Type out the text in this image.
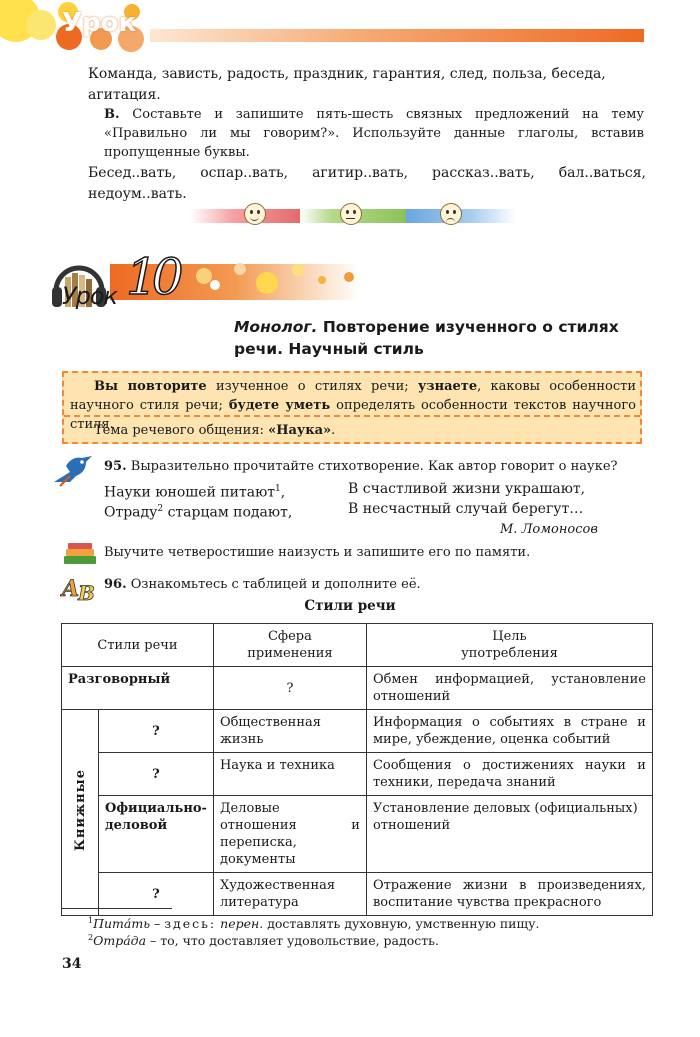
Урок
Команда, зависть, радость, праздник, гарантия, след, польза, беседа, агитация.
В. Составьте и запишите пять-шесть связных предложений на тему «Правильно ли мы говорим?». Используйте данные глаголы, вставив пропущенные буквы.
Бесед..вать, оспар..вать, агитир..вать, рассказ..вать, бал..ваться, недоум..вать.
Урок 10
Монолог. Повторение изученного о стилях речи. Научный стиль
Вы повторите изученное о стилях речи; узнаете, каковы особенности научного стиля речи; будете уметь определять особенности текстов научного стиля.
Тема речевого общения: «Наука».
95. Выразительно прочитайте стихотворение. Как автор говорит о науке?
Науки юношей питают$^1$,	В счастливой жизни украшают,
Отраду$^2$ старцам подают,	В несчастный случай берегут…
М. Ломоносов
Выучите четверостишие наизусть и запишите его по памяти.
A
B 96. Ознакомьтесь с таблицей и дополните её.
Стили речи
Стили речи		Сфера применения	Цель употребления
Разговорный		?	Обмен информацией, установление отношений
Книжные	?	Общественная жизнь	Информация о событиях в стране и мире, убеждение, оценка событий
	?	Наука и техника	Сообщения о достижениях науки и техники, передача знаний
	Официально-деловой	Деловые отношения и переписка, документы	Установление деловых (официальных) отношений
	?	Художественная литература	Отражение жизни в произведениях, воспитание чувства прекрасного
$^1$Пита́ть – здесь: перен. доставлять духовную, умственную пищу.
$^2$Отра́да – то, что доставляет удовольствие, радость.
34
